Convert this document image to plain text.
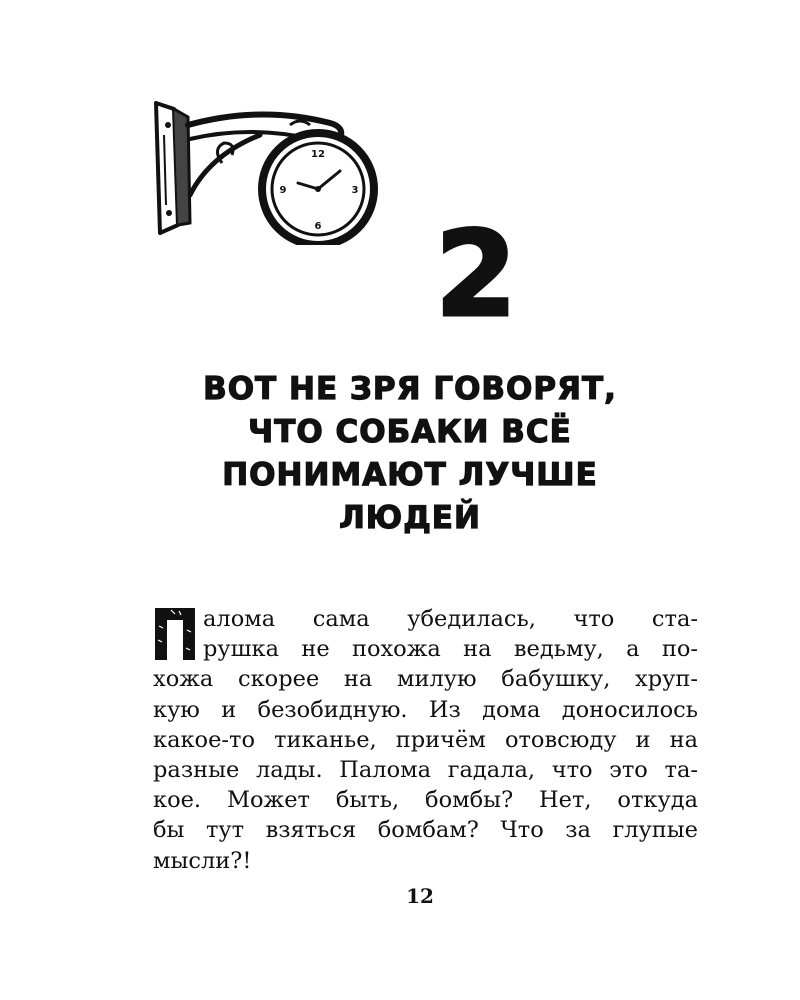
12
3
6
9
2
ВОТ НЕ ЗРЯ ГОВОРЯТ,
ЧТО СОБАКИ ВСЁ
ПОНИМАЮТ ЛУЧШЕ
ЛЮДЕЙ
алома сама убедилась, что ста-
рушка не похожа на ведьму, а по-
хожа скорее на милую бабушку, хруп-
кую и безобидную. Из дома доносилось
какое-то тиканье, причём отовсюду и на
разные лады. Палома гадала, что это та-
кое. Может быть, бомбы? Нет, откуда
бы тут взяться бомбам? Что за глупые
мысли?!
12
